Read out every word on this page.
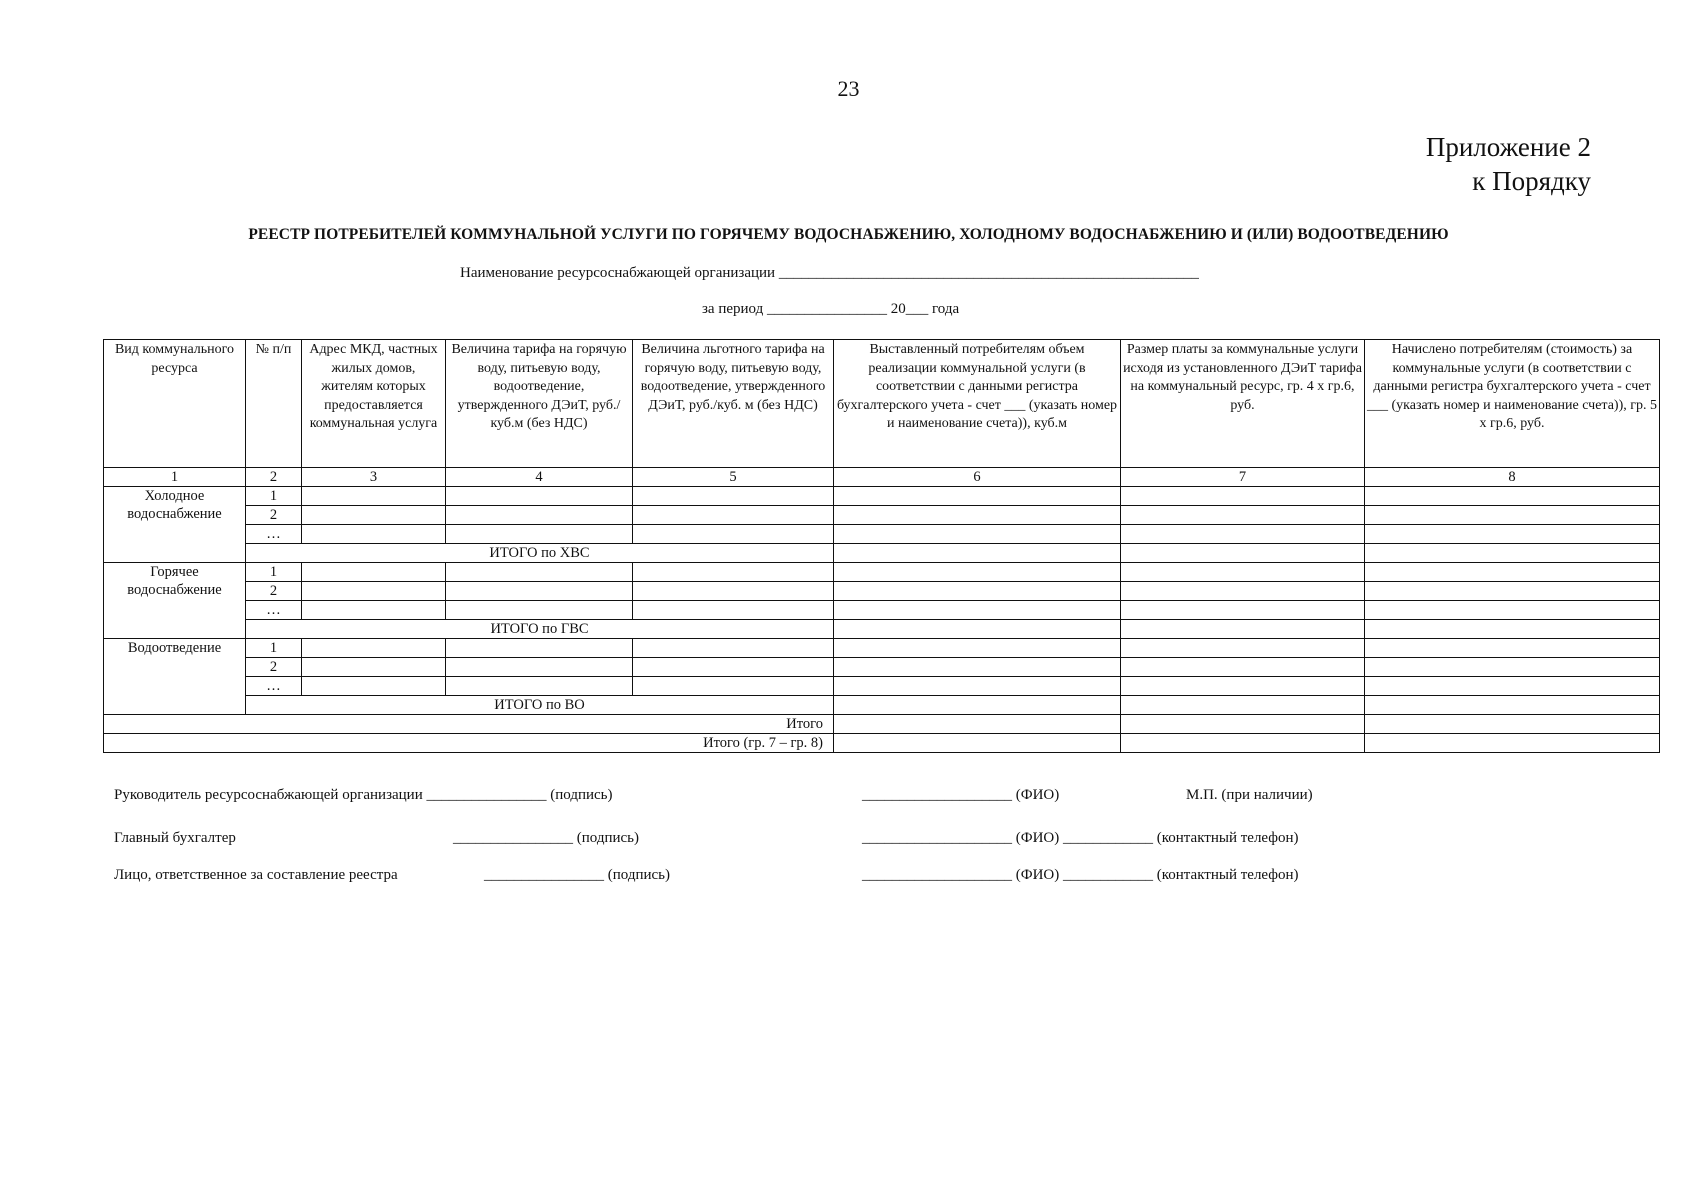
23
Приложение 2
к Порядку
РЕЕСТР ПОТРЕБИТЕЛЕЙ КОММУНАЛЬНОЙ УСЛУГИ ПО ГОРЯЧЕМУ ВОДОСНАБЖЕНИЮ, ХОЛОДНОМУ ВОДОСНАБЖЕНИЮ И (ИЛИ) ВОДООТВЕДЕНИЮ
Наименование ресурсоснабжающей организации ________________________________________________________
за период ________________ 20___ года
Вид коммунального ресурса	№ п/п	Адрес МКД, частных жилых домов, жителям которых предоставляется коммунальная услуга	Величина тарифа на горячую воду, питьевую воду, водоотведение, утвержденного ДЭиТ, руб./куб.м (без НДС)	Величина льготного тарифа на горячую воду, питьевую воду, водоотведение, утвержденного ДЭиТ, руб./куб. м (без НДС)	Выставленный потребителям объем реализации коммунальной услуги (в соответствии с данными регистра бухгалтерского учета - счет ___ (указать номер и наименование счета)), куб.м	Размер платы за коммунальные услуги исходя из установленного ДЭиТ тарифа на коммунальный ресурс, гр. 4 х гр.6, руб.	Начислено потребителям (стоимость) за коммунальные услуги (в соответствии с данными регистра бухгалтерского учета - счет ___ (указать номер и наименование счета)), гр. 5 х гр.6, руб.
1	2	3	4	5	6	7	8
Холодное водоснабжение	1						
	2						
	…						
	ИТОГО по ХВС						
Горячее водоснабжение	1						
	2						
	…						
	ИТОГО по ГВС						
Водоотведение	1						
	2						
	…						
	ИТОГО по ВО						
Итого							
Итого (гр. 7 – гр. 8)							
Руководитель ресурсоснабжающей организации ________________ (подпись)	____________________ (ФИО)	М.П. (при наличии)
Главный бухгалтер	________________ (подпись)	____________________ (ФИО) ____________ (контактный телефон)
Лицо, ответственное за составление реестра	________________ (подпись)	____________________ (ФИО) ____________ (контактный телефон)
